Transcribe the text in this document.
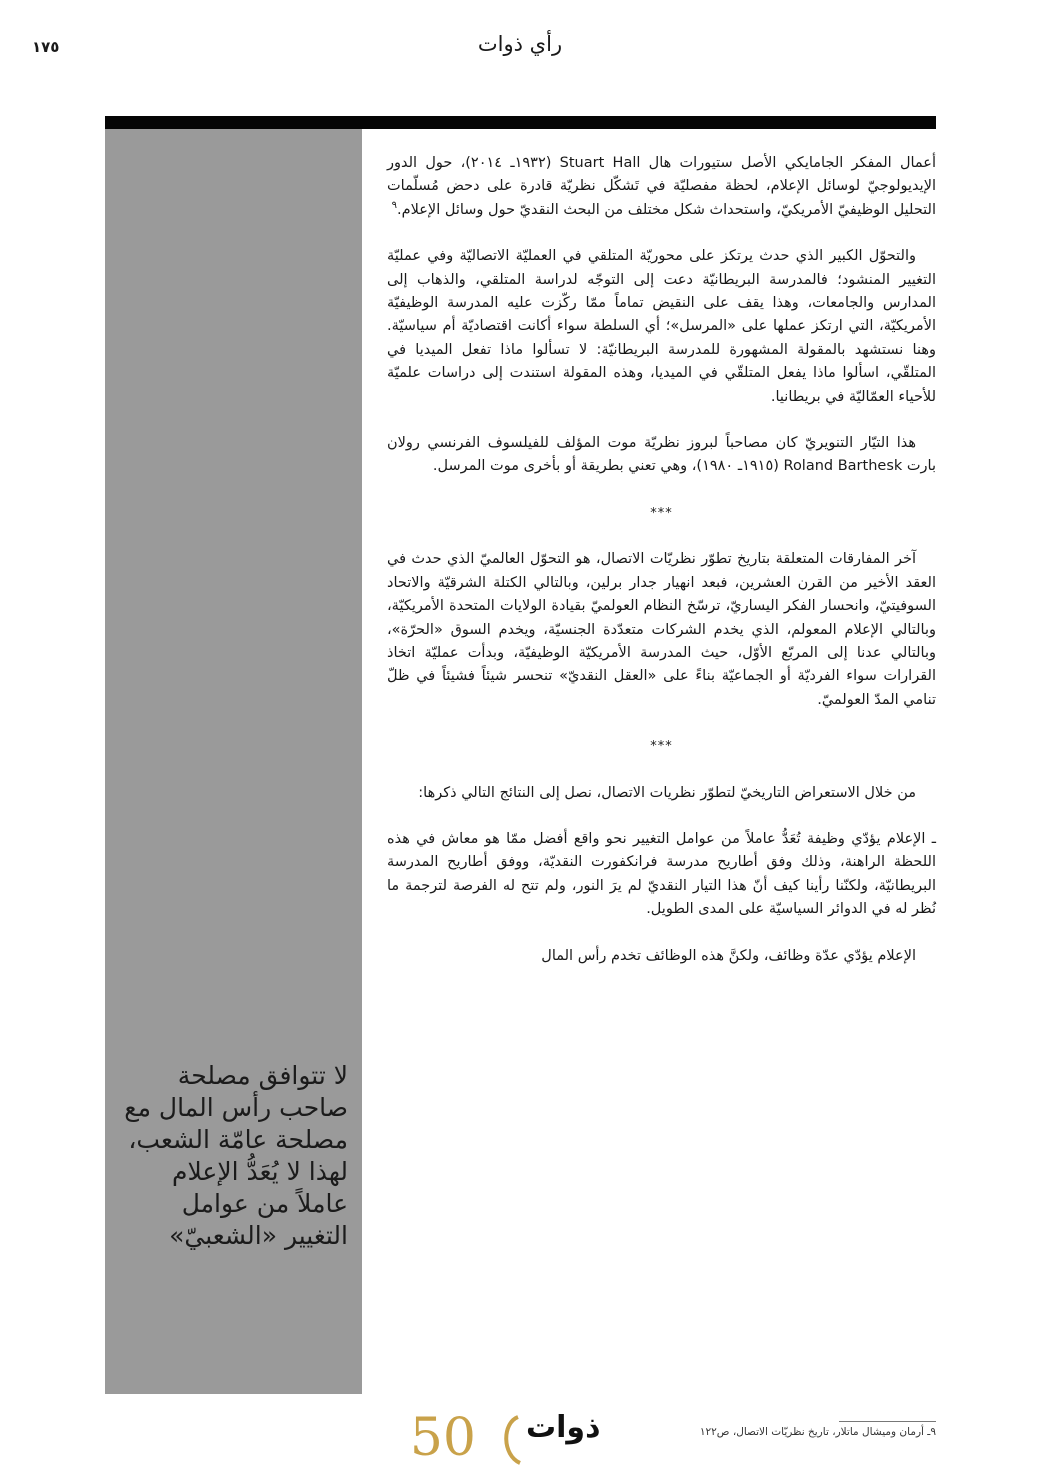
١٧٥	رأي ذوات
لا تتوافق مصلحة صاحب رأس المال مع مصلحة عامّة الشعب، لهذا لا يُعَدُّ الإعلام عاملاً من عوامل التغيير «الشعبيّ»

أعمال المفكر الجامايكي الأصل ستيورات هال Stuart Hall (١٩٣٢ـ ٢٠١٤)، حول الدور الإيديولوجيّ لوسائل الإعلام، لحظة مفصليّة في تَشكّل نظريّة قادرة على دحض مُسلّمات التحليل الوظيفيّ الأمريكيّ، واستحداث شكل مختلف من البحث النقديّ حول وسائل الإعلام.$^٩$

والتحوّل الكبير الذي حدث يرتكز على محوريّة المتلقي في العمليّة الاتصاليّة وفي عمليّة التغيير المنشود؛ فالمدرسة البريطانيّة دعت إلى التوجّه لدراسة المتلقي، والذهاب إلى المدارس والجامعات، وهذا يقف على النقيض تماماً ممّا ركّزت عليه المدرسة الوظيفيّة الأمريكيّة، التي ارتكز عملها على «المرسل»؛ أي السلطة سواء أكانت اقتصاديّة أم سياسيّة. وهنا نستشهد بالمقولة المشهورة للمدرسة البريطانيّة: لا تسألوا ماذا تفعل الميديا في المتلقّي، اسألوا ماذا يفعل المتلقّي في الميديا، وهذه المقولة استندت إلى دراسات علميّة للأحياء العمّاليّة في بريطانيا.

هذا التيّار التنويريّ كان مصاحباً لبروز نظريّة موت المؤلف للفيلسوف الفرنسي رولان بارت Roland Barthesk (١٩١٥ـ ١٩٨٠)، وهي تعني بطريقة أو بأخرى موت المرسل.

***

آخر المفارقات المتعلقة بتاريخ تطوّر نظريّات الاتصال، هو التحوّل العالميّ الذي حدث في العقد الأخير من القرن العشرين، فبعد انهيار جدار برلين، وبالتالي الكتلة الشرقيّة والاتحاد السوفيتيّ، وانحسار الفكر اليساريّ، ترسّخ النظام العولميّ بقيادة الولايات المتحدة الأمريكيّة، وبالتالي الإعلام المعولم، الذي يخدم الشركات متعدّدة الجنسيّة، ويخدم السوق «الحرّة»، وبالتالي عدنا إلى المربّع الأوّل، حيث المدرسة الأمريكيّة الوظيفيّة، وبدأت عمليّة اتخاذ القرارات سواء الفرديّة أو الجماعيّة بناءً على «العقل النقديّ» تنحسر شيئاً فشيئاً في ظلّ تنامي المدّ العولميّ.

***

من خلال الاستعراض التاريخيّ لتطوّر نظريات الاتصال، نصل إلى النتائج التالي ذكرها:

ـ الإعلام يؤدّي وظيفة تُعَدُّ عاملاً من عوامل التغيير نحو واقع أفضل ممّا هو معاش في هذه اللحظة الراهنة، وذلك وفق أطاريح مدرسة فرانكفورت النقديّة، ووفق أطاريح المدرسة البريطانيّة، ولكنّنا رأينا كيف أنّ هذا التيار النقديّ لم يرَ النور، ولم تتح له الفرصة لترجمة ما نُظر له في الدوائر السياسيّة على المدى الطويل.

الإعلام يؤدّي عدّة وظائف، ولكنَّ هذه الوظائف تخدم رأس المال

٩ـ أرمان وميشال ماتلار، تاريخ نظريّات الاتصال، ص١٢٢
50 ذوات
